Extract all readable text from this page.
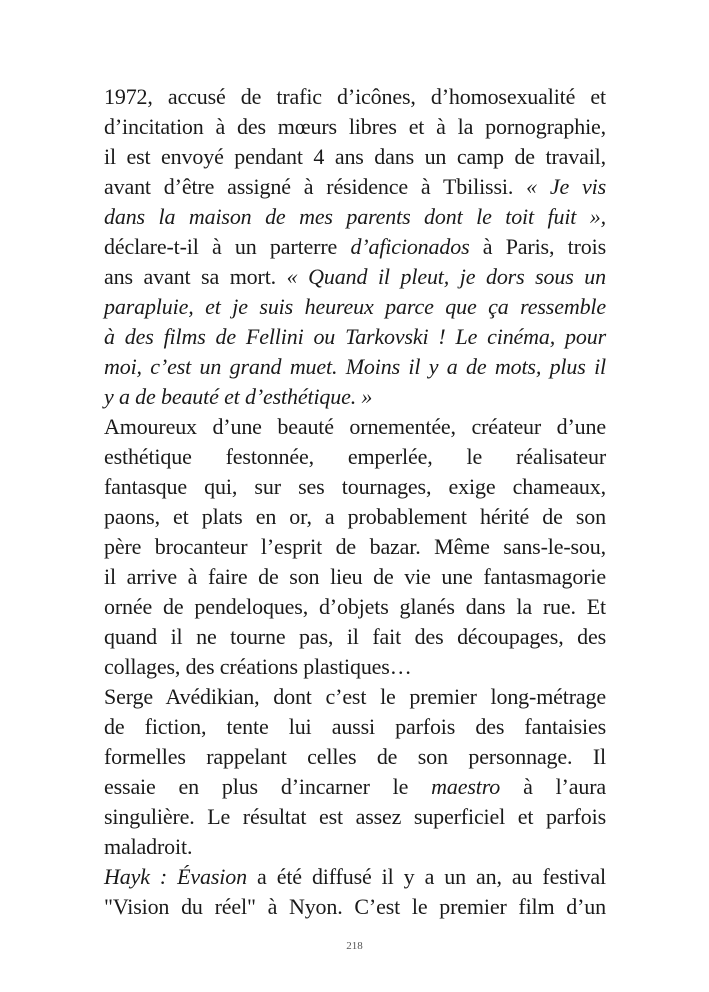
1972, accusé de trafic d’icônes, d’homosexualité et
d’incitation à des mœurs libres et à la pornographie,
il est envoyé pendant 4 ans dans un camp de travail,
avant d’être assigné à résidence à Tbilissi. « Je vis
dans la maison de mes parents dont le toit fuit »,
déclare-t-il à un parterre d’aficionados à Paris, trois
ans avant sa mort. « Quand il pleut, je dors sous un
parapluie, et je suis heureux parce que ça ressemble
à des films de Fellini ou Tarkovski ! Le cinéma, pour
moi, c’est un grand muet. Moins il y a de mots, plus il
y a de beauté et d’esthétique. »
Amoureux d’une beauté ornementée, créateur d’une
esthétique festonnée, emperlée, le réalisateur
fantasque qui, sur ses tournages, exige chameaux,
paons, et plats en or, a probablement hérité de son
père brocanteur l’esprit de bazar. Même sans-le-sou,
il arrive à faire de son lieu de vie une fantasmagorie
ornée de pendeloques, d’objets glanés dans la rue. Et
quand il ne tourne pas, il fait des découpages, des
collages, des créations plastiques…
Serge Avédikian, dont c’est le premier long-métrage
de fiction, tente lui aussi parfois des fantaisies
formelles rappelant celles de son personnage. Il
essaie en plus d’incarner le maestro à l’aura
singulière. Le résultat est assez superficiel et parfois
maladroit.
Hayk : Évasion a été diffusé il y a un an, au festival
"Vision du réel" à Nyon. C’est le premier film d’un
218
